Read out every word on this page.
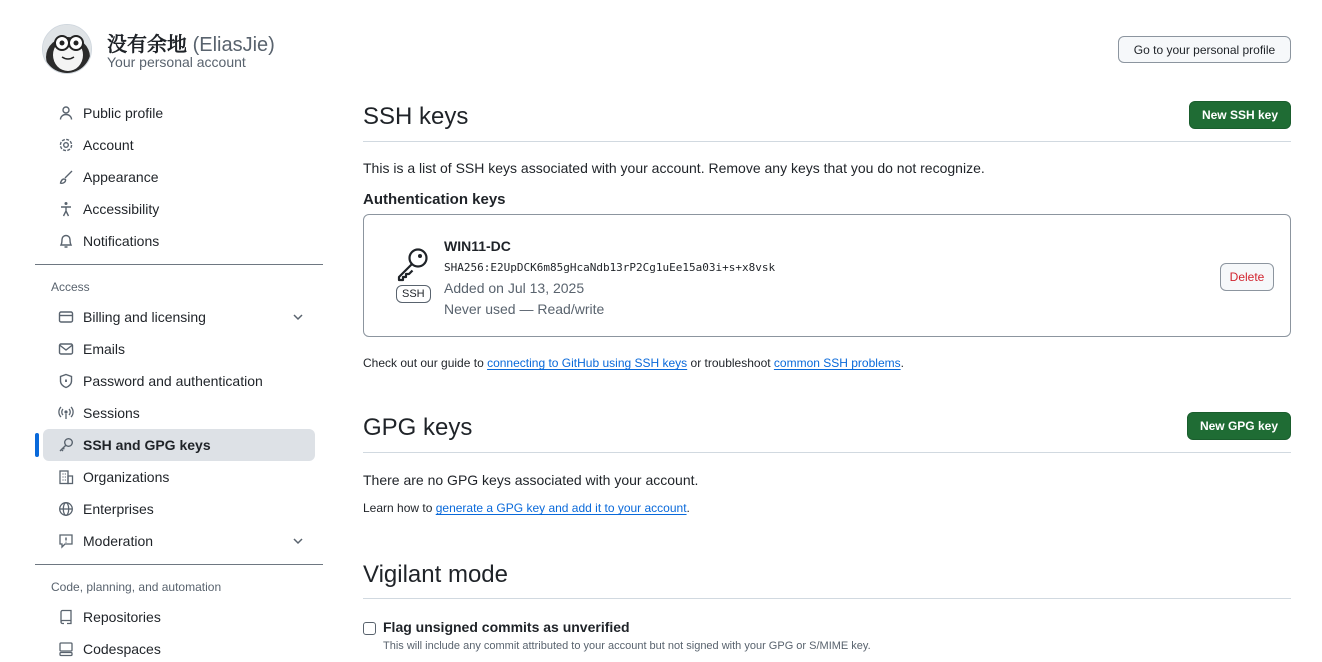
没有余地 (EliasJie)
Your personal account
Go to your personal profile
Public profile
Account
Appearance
Accessibility
Notifications
Access
Billing and licensing
Emails
Password and authentication
Sessions
SSH and GPG keys
Organizations
Enterprises
Moderation
Code, planning, and automation
Repositories
Codespaces
SSH keys	New SSH key

This is a list of SSH keys associated with your account. Remove any keys that you do not recognize.

Authentication keys
SSH
WIN11-DC
SHA256:E2UpDCK6m85gHcaNdb13rP2Cg1uEe15a03i+s+x8vsk
Added on Jul 13, 2025
Never used — Read/write
Delete

Check out our guide to connecting to GitHub using SSH keys or troubleshoot common SSH problems.

GPG keys	New GPG key

There are no GPG keys associated with your account.

Learn how to generate a GPG key and add it to your account.

Vigilant mode
Flag unsigned commits as unverified
This will include any commit attributed to your account but not signed with your GPG or S/MIME key.
